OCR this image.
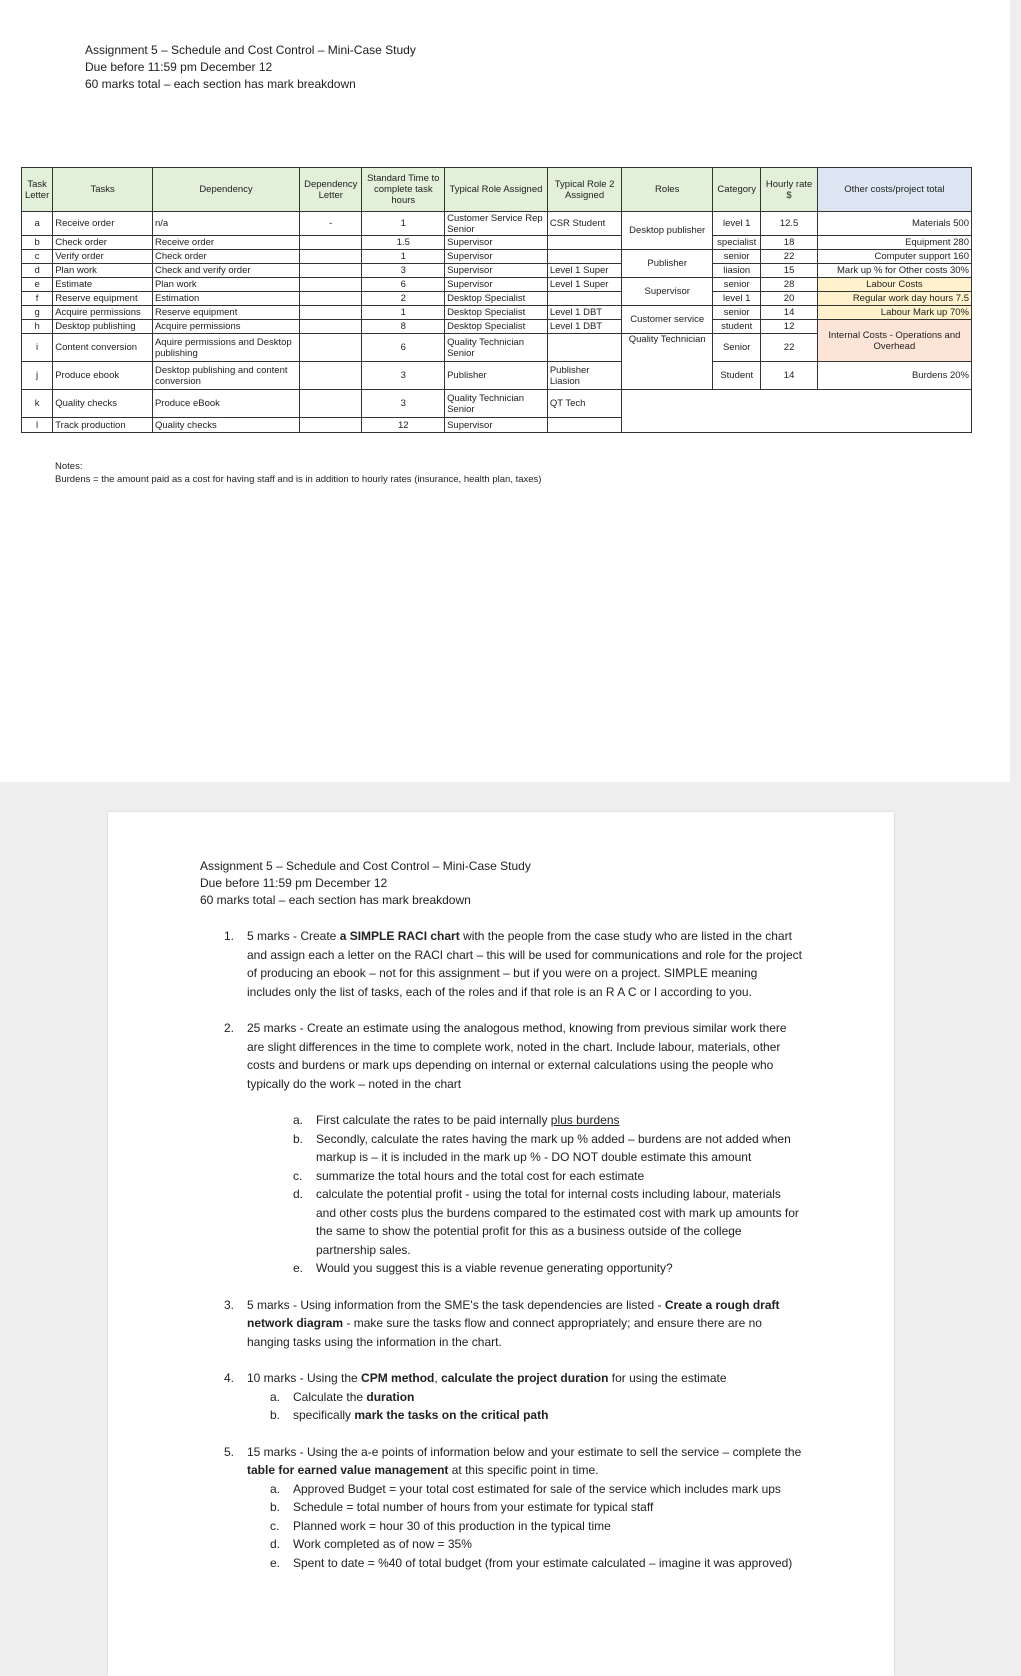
Assignment 5 – Schedule and Cost Control – Mini-Case Study
Due before 11:59 pm December 12
60 marks total – each section has mark breakdown
Task Letter	Tasks	Dependency	Dependency Letter	Standard Time to complete task hours	Typical Role Assigned	Typical Role 2 Assigned	Roles	Category	Hourly rate $	Other costs/project total
a	Receive order	n/a	-	1	Customer Service Rep Senior	CSR Student	Desktop publisher	level 1	12.5	Materials 500

b	Check order	Receive order		1.5	Supervisor			specialist	18	Equipment 280
c	Verify order	Check order		1	Supervisor		Publisher	senior	22	Computer support 160
d	Plan work	Check and verify order		3	Supervisor	Level 1 Super		liasion	15	Mark up % for Other costs 30%
e	Estimate	Plan work		6	Supervisor	Level 1 Super	Supervisor	senior	28	Labour Costs
f	Reserve equipment	Estimation		2	Desktop Specialist			level 1	20	Regular work day hours 7.5
g	Acquire permissions	Reserve equipment		1	Desktop Specialist	Level 1 DBT	Customer service	senior	14	Labour Mark up 70%
h	Desktop publishing	Acquire permissions		8	Desktop Specialist	Level 1 DBT		student	12	Internal Costs - Operations and Overhead
i	Content conversion	Aquire permissions and Desktop publishing		6	Quality Technician Senior		Quality Technician	Senior	22	
j	Produce ebook	Desktop publishing and content conversion		3	Publisher	Publisher Liasion		Student	14	Burdens 20%
k	Quality checks	Produce eBook		3	Quality Technician Senior	QT Tech				
l	Track production	Quality checks		12	Supervisor					
Notes:
Burdens = the amount paid as a cost for having staff and is in addition to hourly rates (insurance, health plan, taxes)
Assignment 5 – Schedule and Cost Control – Mini-Case Study
Due before 11:59 pm December 12
60 marks total – each section has mark breakdown
1. 5 marks - Create a SIMPLE RACI chart with the people from the case study who are listed in the chart and assign each a letter on the RACI chart – this will be used for communications and role for the project of producing an ebook – not for this assignment – but if you were on a project. SIMPLE meaning includes only the list of tasks, each of the roles and if that role is an R A C or I according to you.
2. 25 marks - Create an estimate using the analogous method, knowing from previous similar work there are slight differences in the time to complete work, noted in the chart. Include labour, materials, other costs and burdens or mark ups depending on internal or external calculations using the people who typically do the work – noted in the chart
a. First calculate the rates to be paid internally plus burdens
b. Secondly, calculate the rates having the mark up % added – burdens are not added when markup is – it is included in the mark up % - DO NOT double estimate this amount
c. summarize the total hours and the total cost for each estimate
d. calculate the potential profit - using the total for internal costs including labour, materials and other costs plus the burdens compared to the estimated cost with mark up amounts for the same to show the potential profit for this as a business outside of the college partnership sales.
e. Would you suggest this is a viable revenue generating opportunity?
3. 5 marks - Using information from the SME's the task dependencies are listed - Create a rough draft network diagram - make sure the tasks flow and connect appropriately; and ensure there are no hanging tasks using the information in the chart.
4. 10 marks - Using the CPM method, calculate the project duration for using the estimate
a. Calculate the duration
b. specifically mark the tasks on the critical path
5. 15 marks - Using the a-e points of information below and your estimate to sell the service – complete the table for earned value management at this specific point in time.
a. Approved Budget = your total cost estimated for sale of the service which includes mark ups
b. Schedule = total number of hours from your estimate for typical staff
c. Planned work = hour 30 of this production in the typical time
d. Work completed as of now = 35%
e. Spent to date = %40 of total budget (from your estimate calculated – imagine it was approved)
